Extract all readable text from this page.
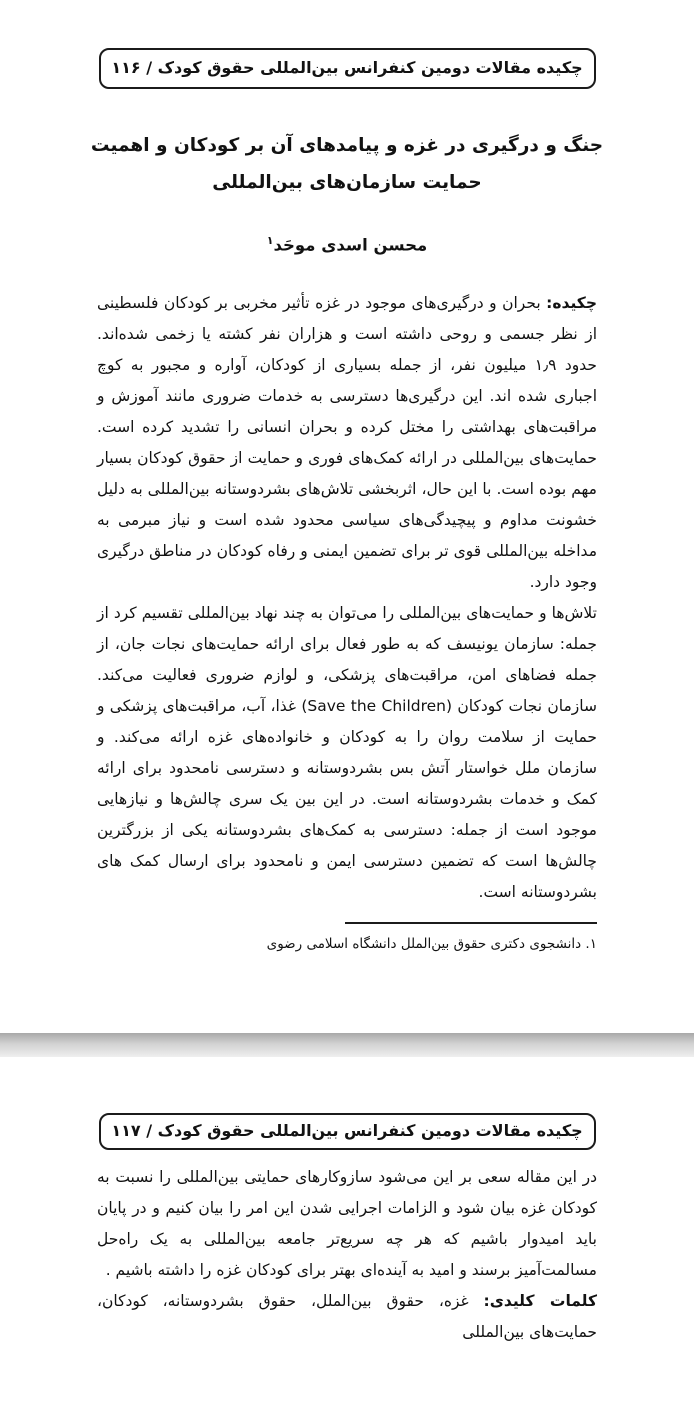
چکیده مقالات دومین کنفرانس بین‌المللی حقوق کودک / ۱۱۶
جنگ و درگیری در غزه و پیامدهای آن بر کودکان و اهمیت
حمایت سازمان‌های بین‌المللی
محسن اسدی موحَد$^۱$

چکیده: بحران و درگیری‌های موجود در غزه تأثیر مخربی بر کودکان فلسطینی از نظر جسمی و روحی داشته است و هزاران نفر کشته یا زخمی شده‌اند. حدود ۱٫۹ میلیون نفر، از جمله بسیاری از کودکان، آواره و مجبور به کوچ اجباری شده اند. این درگیری‌ها دسترسی به خدمات ضروری مانند آموزش و مراقبت‌های بهداشتی را مختل کرده و بحران انسانی را تشدید کرده است. حمایت‌های بین‌المللی در ارائه کمک‌های فوری و حمایت از حقوق کودکان بسیار مهم بوده است. با این حال، اثربخشی تلاش‌های بشردوستانه بین‌المللی به دلیل خشونت مداوم و پیچیدگی‌های سیاسی محدود شده است و نیاز مبرمی به مداخله بین‌المللی قوی تر برای تضمین ایمنی و رفاه کودکان در مناطق درگیری وجود دارد.

تلاش‌ها و حمایت‌های بین‌المللی را می‌توان به چند نهاد بین‌المللی تقسیم کرد از جمله: سازمان یونیسف که به طور فعال برای ارائه حمایت‌های نجات جان، از جمله فضاهای امن، مراقبت‌های پزشکی، و لوازم ضروری فعالیت می‌کند. سازمان نجات کودکان (Save the Children) غذا، آب، مراقبت‌های پزشکی و حمایت از سلامت روان را به کودکان و خانواده‌های غزه ارائه می‌کند. و سازمان ملل خواستار آتش بس بشردوستانه و دسترسی نامحدود برای ارائه کمک و خدمات بشردوستانه است. در این بین یک سری چالش‌ها و نیازهایی موجود است از جمله: دسترسی به کمک‌های بشردوستانه یکی از بزرگترین چالش‌ها است که تضمین دسترسی ایمن و نامحدود برای ارسال کمک های بشردوستانه است.

۱. دانشجوی دکتری حقوق بین‌الملل دانشگاه اسلامی رضوی
چکیده مقالات دومین کنفرانس بین‌المللی حقوق کودک / ۱۱۷

در این مقاله سعی بر این می‌شود سازوکارهای حمایتی بین‌المللی را نسبت به کودکان غزه بیان شود و الزامات اجرایی شدن این امر را بیان کنیم و در پایان باید امیدوار باشیم که هر چه سریع‌تر جامعه بین‌المللی به یک راه‌حل مسالمت‌آمیز برسند و امید به آینده‌ای بهتر برای کودکان غزه را داشته باشیم .

کلمات کلیدی: غزه، حقوق بین‌الملل، حقوق بشردوستانه، کودکان، حمایت‌های بین‌المللی
